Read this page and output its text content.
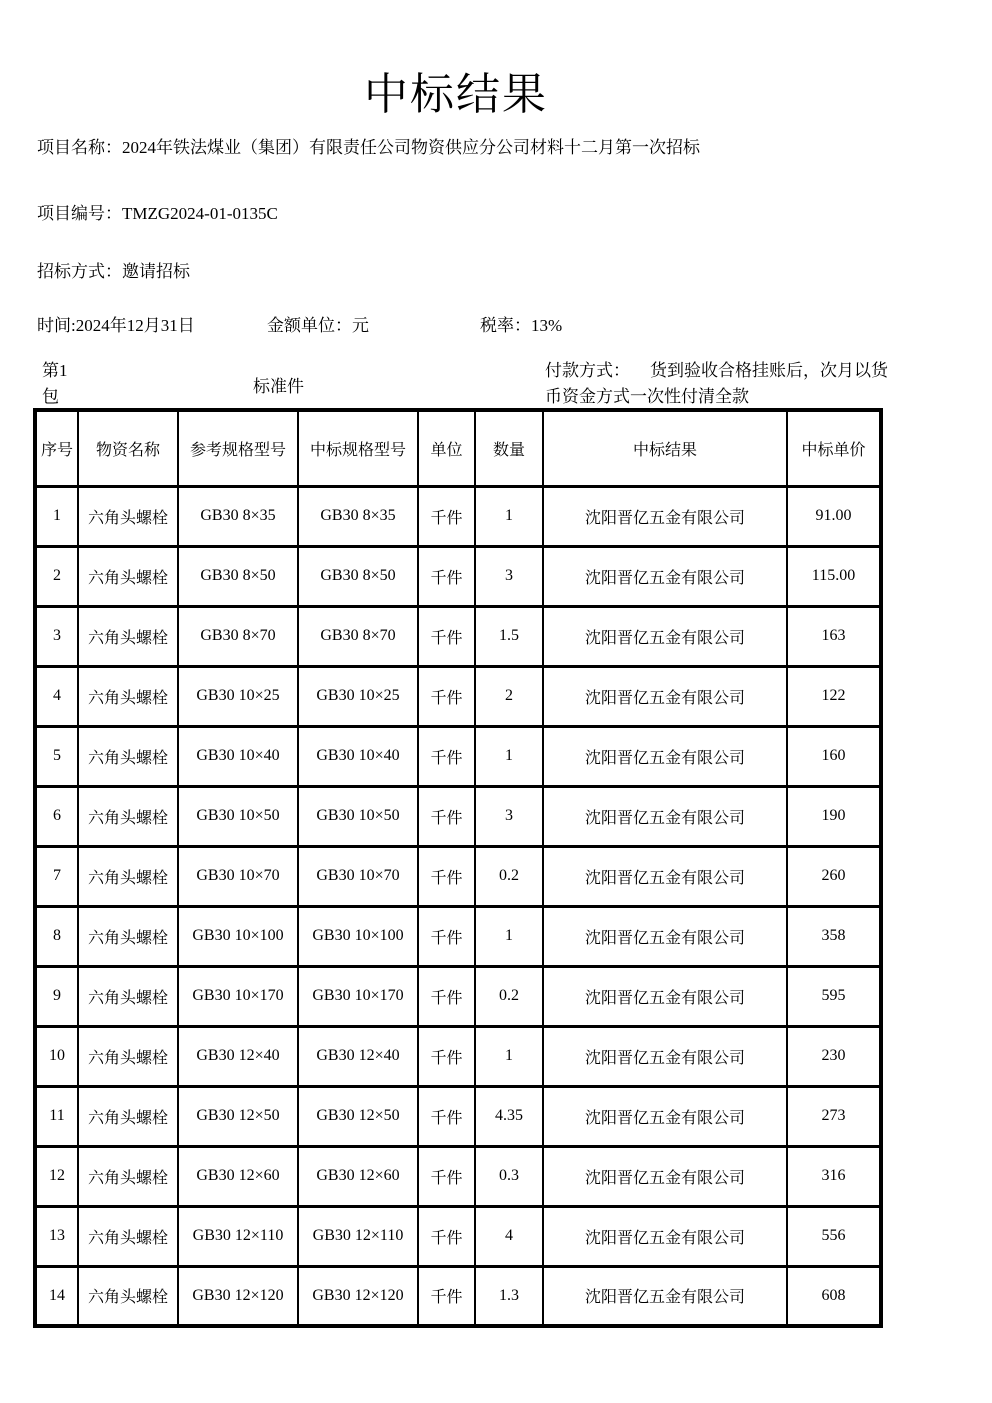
中标结果

项目名称：2024年铁法煤业（集团）有限责任公司物资供应分公司材料十二月第一次招标

项目编号：TMZG2024-01-0135C

招标方式：邀请招标

时间:2024年12月31日	金额单位：元	税率：13%
第1包
标准件
付款方式： 货到验收合格挂账后，次月以货币资金方式一次性付清全款
序号	物资名称	参考规格型号	中标规格型号	单位	数量	中标结果	中标单价
1	六角头螺栓	GB30 8×35	GB30 8×35	千件	1	沈阳晋亿五金有限公司	91.00
2	六角头螺栓	GB30 8×50	GB30 8×50	千件	3	沈阳晋亿五金有限公司	115.00
3	六角头螺栓	GB30 8×70	GB30 8×70	千件	1.5	沈阳晋亿五金有限公司	163
4	六角头螺栓	GB30 10×25	GB30 10×25	千件	2	沈阳晋亿五金有限公司	122
5	六角头螺栓	GB30 10×40	GB30 10×40	千件	1	沈阳晋亿五金有限公司	160
6	六角头螺栓	GB30 10×50	GB30 10×50	千件	3	沈阳晋亿五金有限公司	190
7	六角头螺栓	GB30 10×70	GB30 10×70	千件	0.2	沈阳晋亿五金有限公司	260
8	六角头螺栓	GB30 10×100	GB30 10×100	千件	1	沈阳晋亿五金有限公司	358
9	六角头螺栓	GB30 10×170	GB30 10×170	千件	0.2	沈阳晋亿五金有限公司	595
10	六角头螺栓	GB30 12×40	GB30 12×40	千件	1	沈阳晋亿五金有限公司	230
11	六角头螺栓	GB30 12×50	GB30 12×50	千件	4.35	沈阳晋亿五金有限公司	273
12	六角头螺栓	GB30 12×60	GB30 12×60	千件	0.3	沈阳晋亿五金有限公司	316
13	六角头螺栓	GB30 12×110	GB30 12×110	千件	4	沈阳晋亿五金有限公司	556
14	六角头螺栓	GB30 12×120	GB30 12×120	千件	1.3	沈阳晋亿五金有限公司	608
